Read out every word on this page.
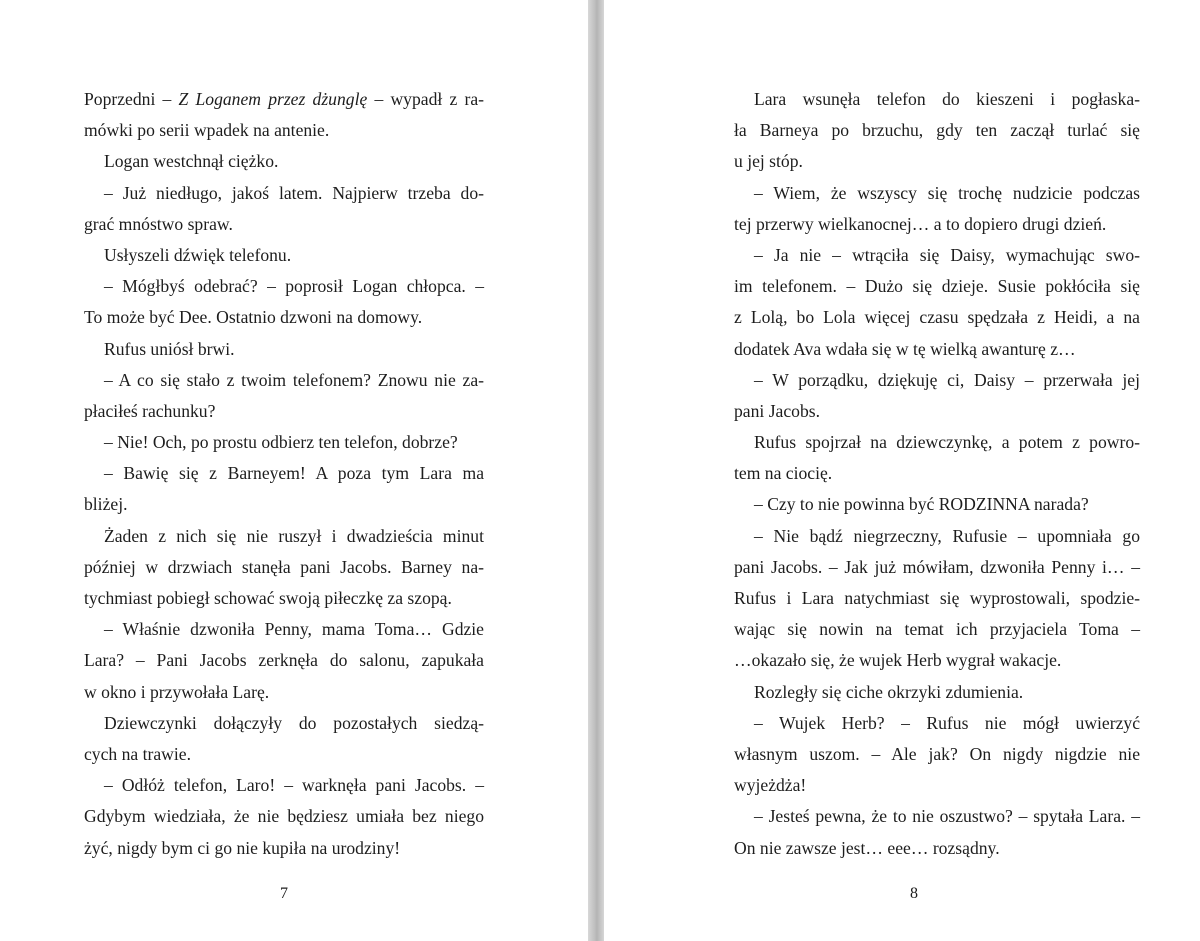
Poprzedni – Z Loganem przez dżunglę – wypadł z ra-
mówki po serii wpadek na antenie.
Logan westchnął ciężko.
– Już niedługo, jakoś latem. Najpierw trzeba do-
grać mnóstwo spraw.
Usłyszeli dźwięk telefonu.
– Mógłbyś odebrać? – poprosił Logan chłopca. –
To może być Dee. Ostatnio dzwoni na domowy.
Rufus uniósł brwi.
– A co się stało z twoim telefonem? Znowu nie za-
płaciłeś rachunku?
– Nie! Och, po prostu odbierz ten telefon, dobrze?
– Bawię się z Barneyem! A poza tym Lara ma
bliżej.
Żaden z nich się nie ruszył i dwadzieścia minut
później w drzwiach stanęła pani Jacobs. Barney na-
tychmiast pobiegł schować swoją piłeczkę za szopą.
– Właśnie dzwoniła Penny, mama Toma… Gdzie
Lara? – Pani Jacobs zerknęła do salonu, zapukała
w okno i przywołała Larę.
Dziewczynki dołączyły do pozostałych siedzą-
cych na trawie.
– Odłóż telefon, Laro! – warknęła pani Jacobs. –
Gdybym wiedziała, że nie będziesz umiała bez niego
żyć, nigdy bym ci go nie kupiła na urodziny!
7
Lara wsunęła telefon do kieszeni i pogłaska-
ła Barneya po brzuchu, gdy ten zaczął turlać się
u jej stóp.
– Wiem, że wszyscy się trochę nudzicie podczas
tej przerwy wielkanocnej… a to dopiero drugi dzień.
– Ja nie – wtrąciła się Daisy, wymachując swo-
im telefonem. – Dużo się dzieje. Susie pokłóciła się
z Lolą, bo Lola więcej czasu spędzała z Heidi, a na
dodatek Ava wdała się w tę wielką awanturę z…
– W porządku, dziękuję ci, Daisy – przerwała jej
pani Jacobs.
Rufus spojrzał na dziewczynkę, a potem z powro-
tem na ciocię.
– Czy to nie powinna być RODZINNA narada?
– Nie bądź niegrzeczny, Rufusie – upomniała go
pani Jacobs. – Jak już mówiłam, dzwoniła Penny i… –
Rufus i Lara natychmiast się wyprostowali, spodzie-
wając się nowin na temat ich przyjaciela Toma –
…okazało się, że wujek Herb wygrał wakacje.
Rozległy się ciche okrzyki zdumienia.
– Wujek Herb? – Rufus nie mógł uwierzyć
własnym uszom. – Ale jak? On nigdy nigdzie nie
wyjeżdża!
– Jesteś pewna, że to nie oszustwo? – spytała Lara. –
On nie zawsze jest… eee… rozsądny.
8
